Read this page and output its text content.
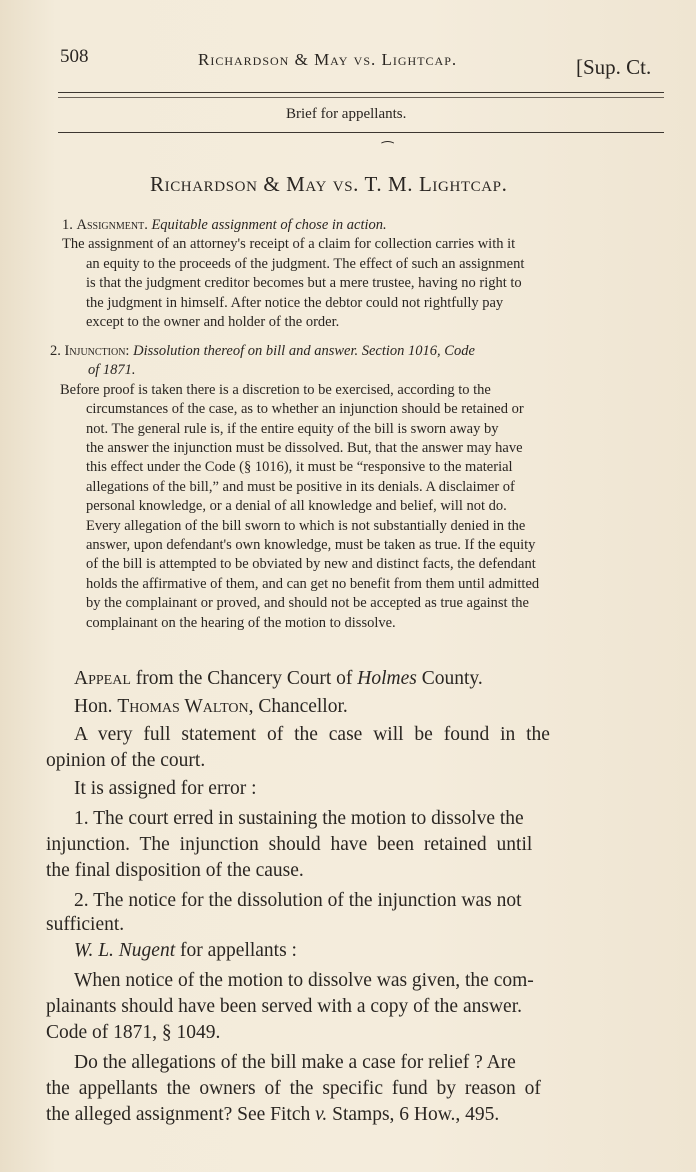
508	Richardson & May vs. Lightcap.	[Sup. Ct.
Brief for appellants.
⁀
Richardson & May vs. T. M. Lightcap.
1. Assignment. Equitable assignment of chose in action.
The assignment of an attorney's receipt of a claim for collection carries with it
an equity to the proceeds of the judgment. The effect of such an assignment
is that the judgment creditor becomes but a mere trustee, having no right to
the judgment in himself. After notice the debtor could not rightfully pay
except to the owner and holder of the order.
2. Injunction: Dissolution thereof on bill and answer. Section 1016, Code
of 1871.
Before proof is taken there is a discretion to be exercised, according to the
circumstances of the case, as to whether an injunction should be retained or
not. The general rule is, if the entire equity of the bill is sworn away by
the answer the injunction must be dissolved. But, that the answer may have
this effect under the Code (§ 1016), it must be “responsive to the material
allegations of the bill,” and must be positive in its denials. A disclaimer of
personal knowledge, or a denial of all knowledge and belief, will not do.
Every allegation of the bill sworn to which is not substantially denied in the
answer, upon defendant's own knowledge, must be taken as true. If the equity
of the bill is attempted to be obviated by new and distinct facts, the defendant
holds the affirmative of them, and can get no benefit from them until admitted
by the complainant or proved, and should not be accepted as true against the
complainant on the hearing of the motion to dissolve.
Appeal from the Chancery Court of Holmes County.
Hon. Thomas Walton, Chancellor.
A very full statement of the case will be found in the
opinion of the court.
It is assigned for error :
1. The court erred in sustaining the motion to dissolve the
injunction. The injunction should have been retained until
the final disposition of the cause.
2. The notice for the dissolution of the injunction was not
sufficient.
W. L. Nugent for appellants :
When notice of the motion to dissolve was given, the com-
plainants should have been served with a copy of the answer.
Code of 1871, § 1049.
Do the allegations of the bill make a case for relief ? Are
the appellants the owners of the specific fund by reason of
the alleged assignment? See Fitch v. Stamps, 6 How., 495.
